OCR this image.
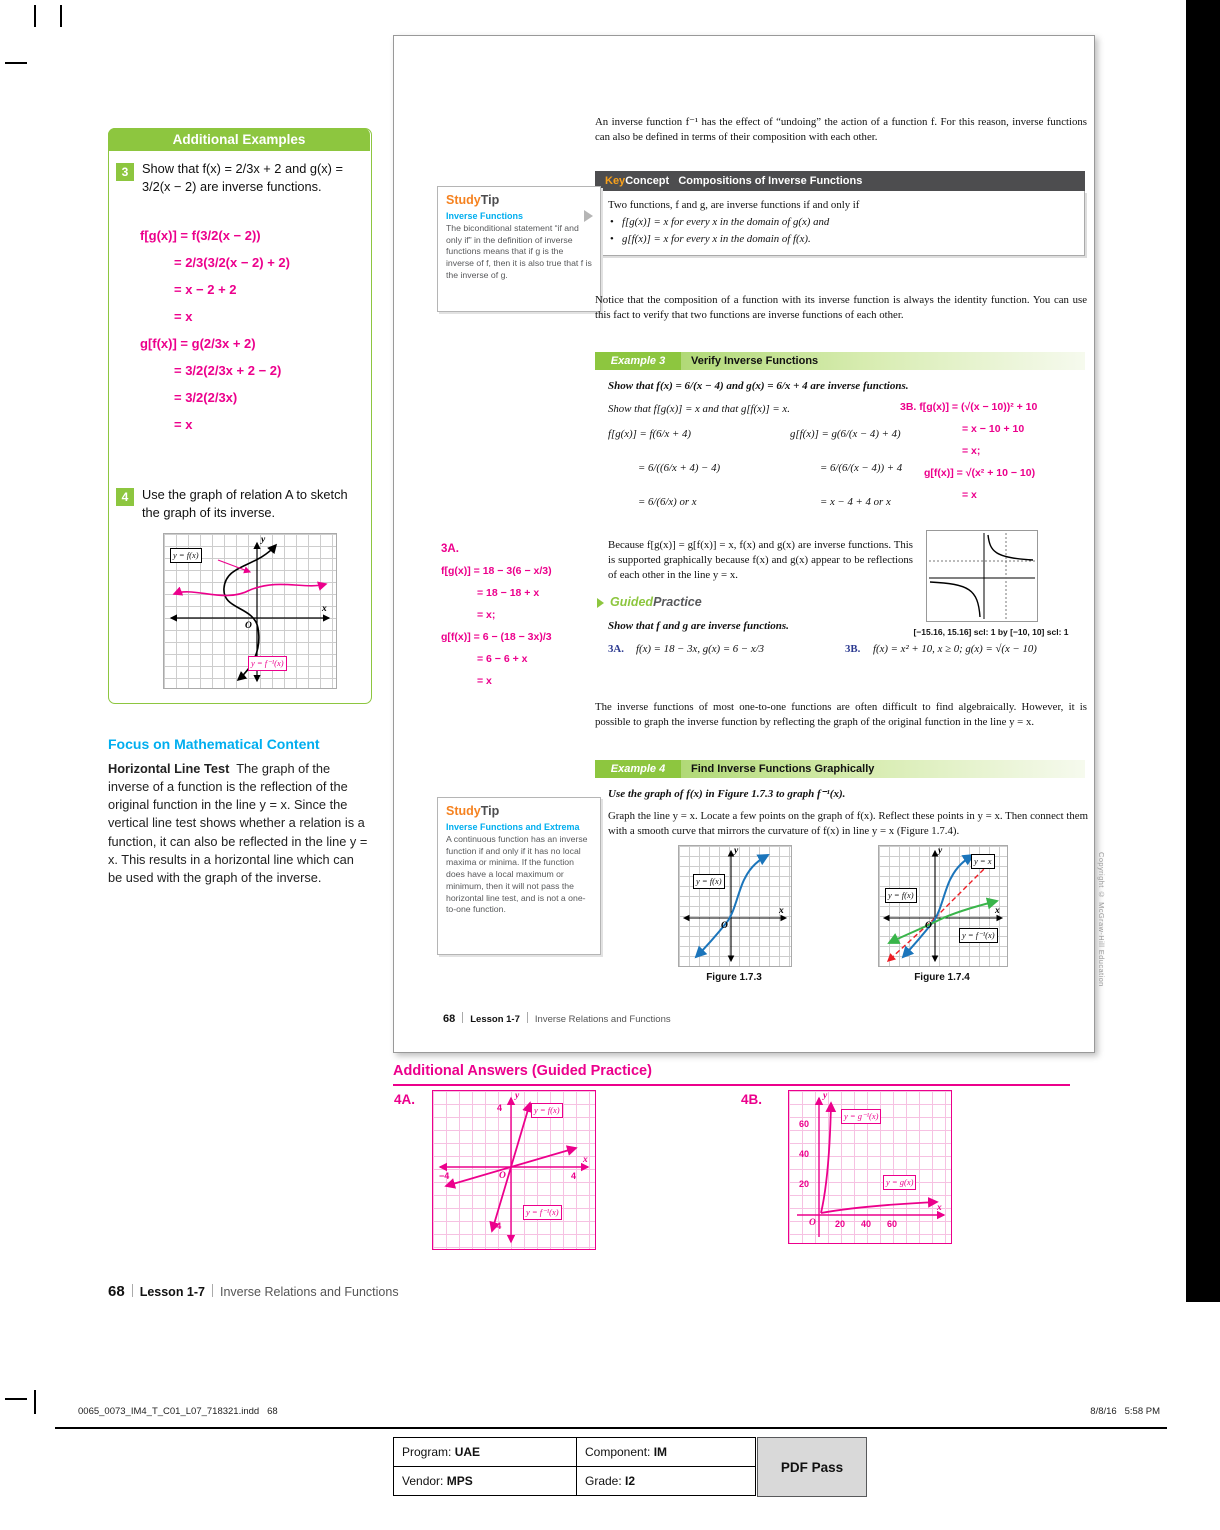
Additional Examples
3	Show that f(x) = 2/3x + 2 and g(x) = 3/2(x − 2) are inverse functions.
f[g(x)] = f(3/2(x − 2))
= 2/3(3/2(x − 2) + 2)
= x − 2 + 2
= x
g[f(x)] = g(2/3x + 2)
= 3/2(2/3x + 2 − 2)
= 3/2(2/3x)
= x
4	Use the graph of relation A to sketch the graph of its inverse.
y = f(x)
y = f⁻¹(x)
O
x
y
Focus on Mathematical Content
Horizontal Line Test The graph of the inverse of a function is the reflection of the original function in the line y = x. Since the vertical line test shows whether a relation is a function, it can also be reflected in the line y = x. This results in a horizontal line which can be used with the graph of the inverse.
An inverse function f⁻¹ has the effect of “undoing” the action of a function f. For this reason, inverse functions can also be defined in terms of their composition with each other.
KeyConcept Compositions of Inverse Functions
Two functions, f and g, are inverse functions if and only if
• f[g(x)] = x for every x in the domain of g(x) and
• g[f(x)] = x for every x in the domain of f(x).
StudyTip
Inverse Functions
The biconditional statement “if and only if” in the definition of inverse functions means that if g is the inverse of f, then it is also true that f is the inverse of g.
Notice that the composition of a function with its inverse function is always the identity function. You can use this fact to verify that two functions are inverse functions of each other.
Example 3	Verify Inverse Functions
Show that f(x) = 6/(x − 4) and g(x) = 6/x + 4 are inverse functions.
Show that f[g(x)] = x and that g[f(x)] = x.
f[g(x)] = f(6/x + 4)
= 6/((6/x + 4) − 4)
= 6/(6/x) or x
g[f(x)] = g(6/(x − 4) + 4)
= 6/(6/(x − 4)) + 4
= x − 4 + 4 or x
3B. f[g(x)] = (√(x − 10))² + 10
= x − 10 + 10
= x;
g[f(x)] = √(x² + 10 − 10)
= x
Because f[g(x)] = g[f(x)] = x, f(x) and g(x) are inverse functions. This is supported graphically because f(x) and g(x) appear to be reflections of each other in the line y = x.
[−15.16, 15.16] scl: 1 by [−10, 10] scl: 1
GuidedPractice
Show that f and g are inverse functions.
3A. f(x) = 18 − 3x, g(x) = 6 − x/3	3B. f(x) = x² + 10, x ≥ 0; g(x) = √(x − 10)
3A.
f[g(x)] = 18 − 3(6 − x/3)
= 18 − 18 + x
= x;
g[f(x)] = 6 − (18 − 3x)/3
= 6 − 6 + x
= x
The inverse functions of most one-to-one functions are often difficult to find algebraically. However, it is possible to graph the inverse function by reflecting the graph of the original function in the line y = x.
Example 4	Find Inverse Functions Graphically
Use the graph of f(x) in Figure 1.7.3 to graph f⁻¹(x).
Graph the line y = x. Locate a few points on the graph of f(x). Reflect these points in y = x. Then connect them with a smooth curve that mirrors the curvature of f(x) in line y = x (Figure 1.7.4).
StudyTip
Inverse Functions and Extrema
A continuous function has an inverse function if and only if it has no local maxima or minima. If the function does have a local maximum or minimum, then it will not pass the horizontal line test, and is not a one-to-one function.
y = f(x)
O
x
y
y = x
y = f(x)
y = f⁻¹(x)
O
x
y
Figure 1.7.3	Figure 1.7.4	Copyright © McGraw-Hill Education
68 Lesson 1-7 Inverse Relations and Functions
Additional Answers (Guided Practice)
4A.
y = f(x)
y = f⁻¹(x)
4
−4	4
−4
O
x
y	4B.
y = g⁻¹(x)
y = g(x)
60
40
20
20 40 60
O
x
y
68 Lesson 1-7 Inverse Relations and Functions
0065_0073_IM4_T_C01_L07_718321.indd   68	8/8/16   5:58 PM
Program: UAE	Component: IM
Vendor: MPS	Grade: I2
PDF Pass
